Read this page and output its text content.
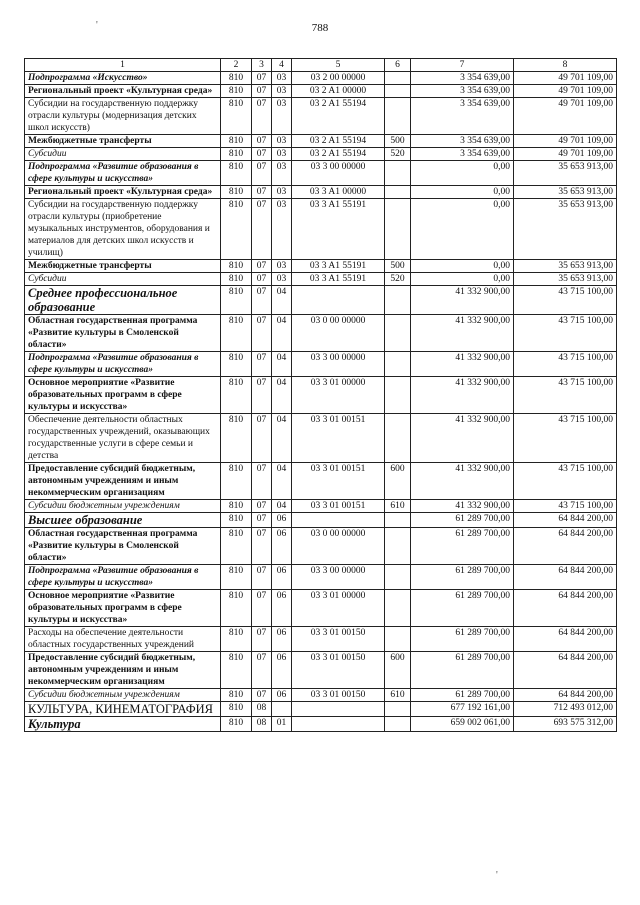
788
'
'
1	2	3	4	5	6	7	8
Подпрограмма «Искусство»	810	07	03	03 2 00 00000		3 354 639,00	49 701 109,00
Региональный проект «Культурная среда»	810	07	03	03 2 A1 00000		3 354 639,00	49 701 109,00
Субсидии на государственную поддержку отрасли культуры (модернизация детских школ искусств)	810	07	03	03 2 A1 55194		3 354 639,00	49 701 109,00
Межбюджетные трансферты	810	07	03	03 2 A1 55194	500	3 354 639,00	49 701 109,00
Субсидии	810	07	03	03 2 A1 55194	520	3 354 639,00	49 701 109,00
Подпрограмма «Развитие образования в сфере культуры и искусства»	810	07	03	03 3 00 00000		0,00	35 653 913,00
Региональный проект «Культурная среда»	810	07	03	03 3 A1 00000		0,00	35 653 913,00
Субсидии на государственную поддержку отрасли культуры (приобретение музыкальных инструментов, оборудования и материалов для детских школ искусств и училищ)	810	07	03	03 3 A1 55191		0,00	35 653 913,00
Межбюджетные трансферты	810	07	03	03 3 A1 55191	500	0,00	35 653 913,00
Субсидии	810	07	03	03 3 A1 55191	520	0,00	35 653 913,00
Среднее профессиональное образование	810	07	04			41 332 900,00	43 715 100,00
Областная государственная программа «Развитие культуры в Смоленской области»	810	07	04	03 0 00 00000		41 332 900,00	43 715 100,00
Подпрограмма «Развитие образования в сфере культуры и искусства»	810	07	04	03 3 00 00000		41 332 900,00	43 715 100,00
Основное мероприятие «Развитие образовательных программ в сфере культуры и искусства»	810	07	04	03 3 01 00000		41 332 900,00	43 715 100,00
Обеспечение деятельности областных государственных учреждений, оказывающих государственные услуги в сфере семьи и детства	810	07	04	03 3 01 00151		41 332 900,00	43 715 100,00
Предоставление субсидий бюджетным, автономным учреждениям и иным некоммерческим организациям	810	07	04	03 3 01 00151	600	41 332 900,00	43 715 100,00
Субсидии бюджетным учреждениям	810	07	04	03 3 01 00151	610	41 332 900,00	43 715 100,00
Высшее образование	810	07	06			61 289 700,00	64 844 200,00
Областная государственная программа «Развитие культуры в Смоленской области»	810	07	06	03 0 00 00000		61 289 700,00	64 844 200,00
Подпрограмма «Развитие образования в сфере культуры и искусства»	810	07	06	03 3 00 00000		61 289 700,00	64 844 200,00
Основное мероприятие «Развитие образовательных программ в сфере культуры и искусства»	810	07	06	03 3 01 00000		61 289 700,00	64 844 200,00
Расходы на обеспечение деятельности областных государственных учреждений	810	07	06	03 3 01 00150		61 289 700,00	64 844 200,00
Предоставление субсидий бюджетным, автономным учреждениям и иным некоммерческим организациям	810	07	06	03 3 01 00150	600	61 289 700,00	64 844 200,00
Субсидии бюджетным учреждениям	810	07	06	03 3 01 00150	610	61 289 700,00	64 844 200,00
КУЛЬТУРА, КИНЕМАТОГРАФИЯ	810	08				677 192 161,00	712 493 012,00
Культура	810	08	01			659 002 061,00	693 575 312,00
